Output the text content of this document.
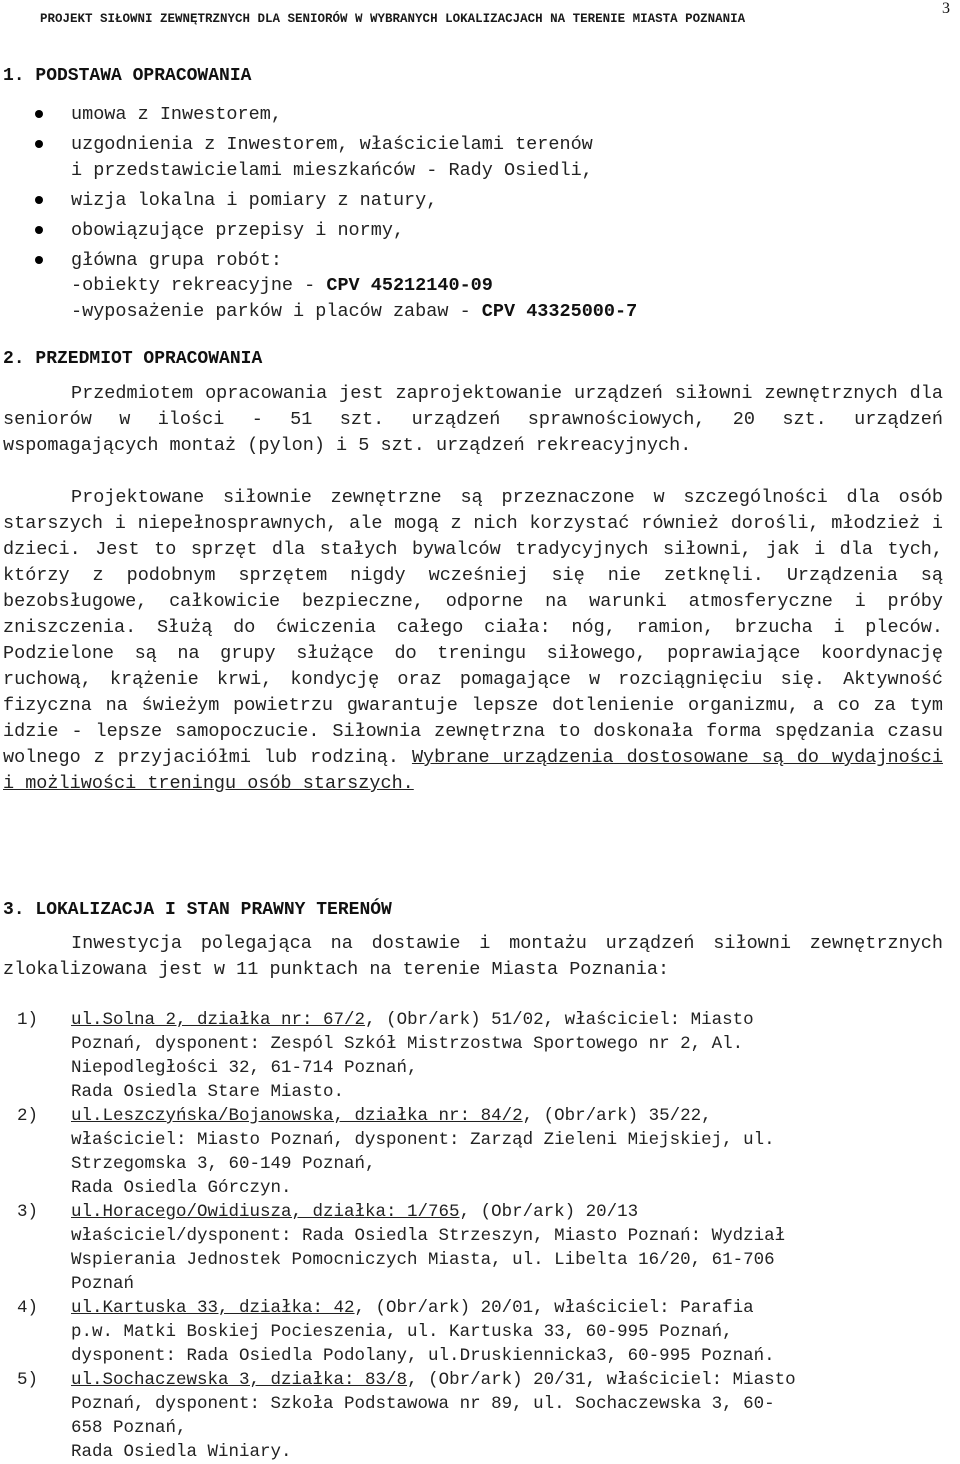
PROJEKT SIŁOWNI ZEWNĘTRZNYCH DLA SENIORÓW W WYBRANYCH LOKALIZACJACH NA TERENIE MIASTA POZNANIA
3
1. PODSTAWA OPRACOWANIA
umowa z Inwestorem,
uzgodnienia z Inwestorem, właścicielami terenów
i przedstawicielami mieszkańców - Rady Osiedli,
wizja lokalna i pomiary z natury,
obowiązujące przepisy i normy,
główna grupa robót:
-obiekty rekreacyjne - CPV 45212140-09
-wyposażenie parków i placów zabaw - CPV 43325000-7
2. PRZEDMIOT OPRACOWANIA
Przedmiotem opracowania jest zaprojektowanie urządzeń siłowni zewnętrznych dla seniorów w ilości - 51 szt. urządzeń sprawnościowych, 20 szt. urządzeń wspomagających montaż (pylon) i 5 szt. urządzeń rekreacyjnych.
Projektowane siłownie zewnętrzne są przeznaczone w szczególności dla osób starszych i niepełnosprawnych, ale mogą z nich korzystać również dorośli, młodzież i dzieci. Jest to sprzęt dla stałych bywalców tradycyjnych siłowni, jak i dla tych, którzy z podobnym sprzętem nigdy wcześniej się nie zetknęli. Urządzenia są bezobsługowe, całkowicie bezpieczne, odporne na warunki atmosferyczne i próby zniszczenia. Służą do ćwiczenia całego ciała: nóg, ramion, brzucha i pleców. Podzielone są na grupy służące do treningu siłowego, poprawiające koordynację ruchową, krążenie krwi, kondycję oraz pomagające w rozciągnięciu się. Aktywność fizyczna na świeżym powietrzu gwarantuje lepsze dotlenienie organizmu, a co za tym idzie - lepsze samopoczucie. Siłownia zewnętrzna to doskonała forma spędzania czasu wolnego z przyjaciółmi lub rodziną. Wybrane urządzenia dostosowane są do wydajności i możliwości treningu osób starszych.
3. LOKALIZACJA I STAN PRAWNY TERENÓW
Inwestycja polegająca na dostawie i montażu urządzeń siłowni zewnętrznych zlokalizowana jest w 11 punktach na terenie Miasta Poznania:
1) ul.Solna 2, działka nr: 67/2, (Obr/ark) 51/02, właściciel: Miasto
Poznań, dysponent: Zespól Szkół Mistrzostwa Sportowego nr 2, Al.
Niepodległości 32, 61-714 Poznań,
Rada Osiedla Stare Miasto.
2) ul.Leszczyńska/Bojanowska, działka nr: 84/2, (Obr/ark) 35/22,
właściciel: Miasto Poznań, dysponent: Zarząd Zieleni Miejskiej, ul.
Strzegomska 3, 60-149 Poznań,
Rada Osiedla Górczyn.
3) ul.Horacego/Owidiusza, działka: 1/765, (Obr/ark) 20/13
właściciel/dysponent: Rada Osiedla Strzeszyn, Miasto Poznań: Wydział
Wspierania Jednostek Pomocniczych Miasta, ul. Libelta 16/20, 61-706
Poznań
4) ul.Kartuska 33, działka: 42, (Obr/ark) 20/01, właściciel: Parafia
p.w. Matki Boskiej Pocieszenia, ul. Kartuska 33, 60-995 Poznań,
dysponent: Rada Osiedla Podolany, ul.Druskiennicka3, 60-995 Poznań.
5) ul.Sochaczewska 3, działka: 83/8, (Obr/ark) 20/31, właściciel: Miasto
Poznań, dysponent: Szkoła Podstawowa nr 89, ul. Sochaczewska 3, 60-
658 Poznań,
Rada Osiedla Winiary.
